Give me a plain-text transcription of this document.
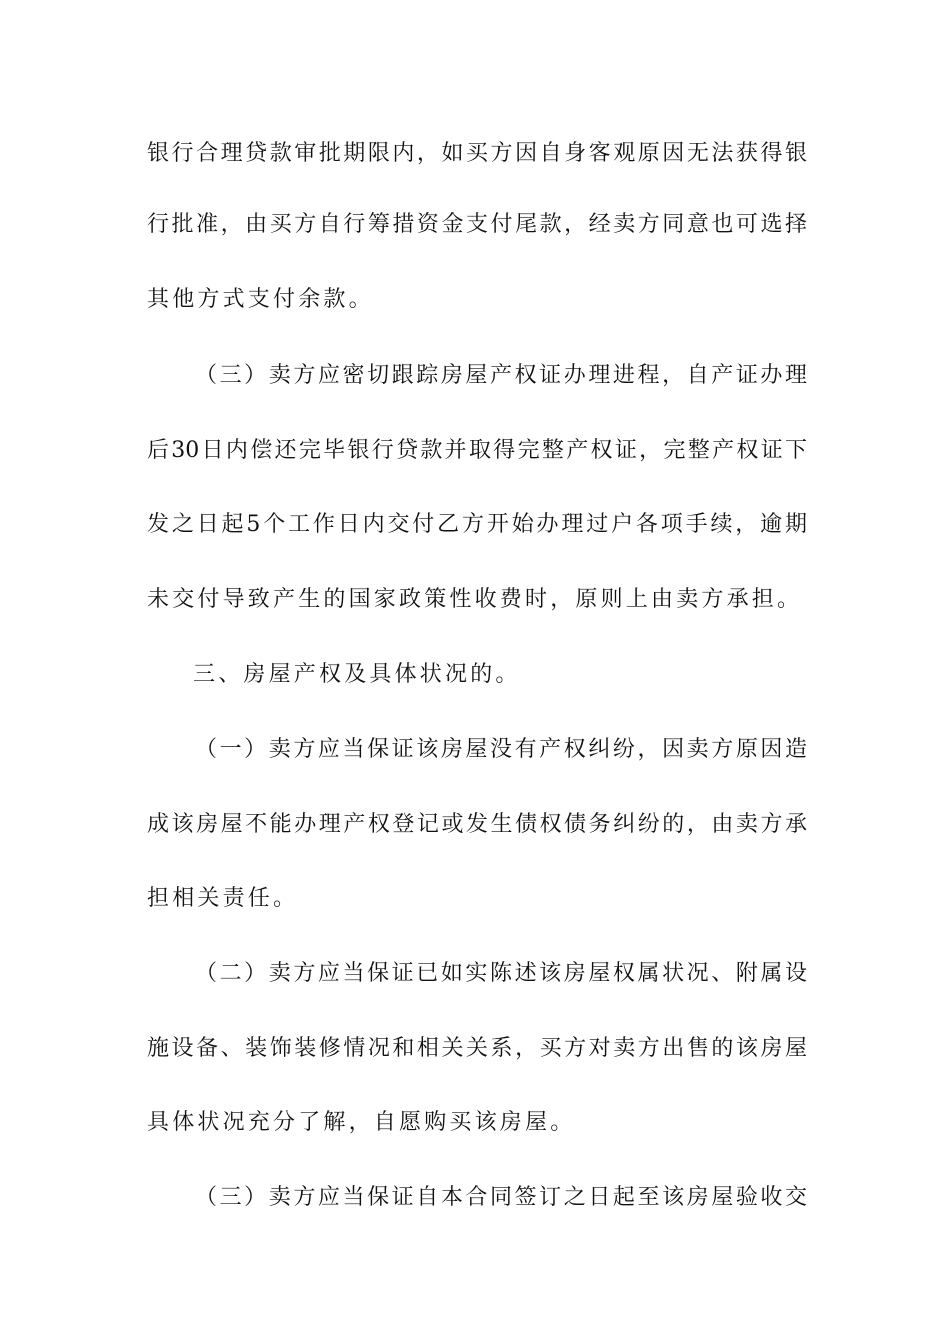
银行合理贷款审批期限内，如买方因自身客观原因无法获得银
行批准，由买方自行筹措资金支付尾款，经卖方同意也可选择
其他方式支付余款。
（三）卖方应密切跟踪房屋产权证办理进程，自产证办理
后30日内偿还完毕银行贷款并取得完整产权证，完整产权证下
发之日起5个工作日内交付乙方开始办理过户各项手续，逾期
未交付导致产生的国家政策性收费时，原则上由卖方承担。
三、房屋产权及具体状况的。
（一）卖方应当保证该房屋没有产权纠纷，因卖方原因造
成该房屋不能办理产权登记或发生债权债务纠纷的，由卖方承
担相关责任。
（二）卖方应当保证已如实陈述该房屋权属状况、附属设
施设备、装饰装修情况和相关关系，买方对卖方出售的该房屋
具体状况充分了解，自愿购买该房屋。
（三）卖方应当保证自本合同签订之日起至该房屋验收交
